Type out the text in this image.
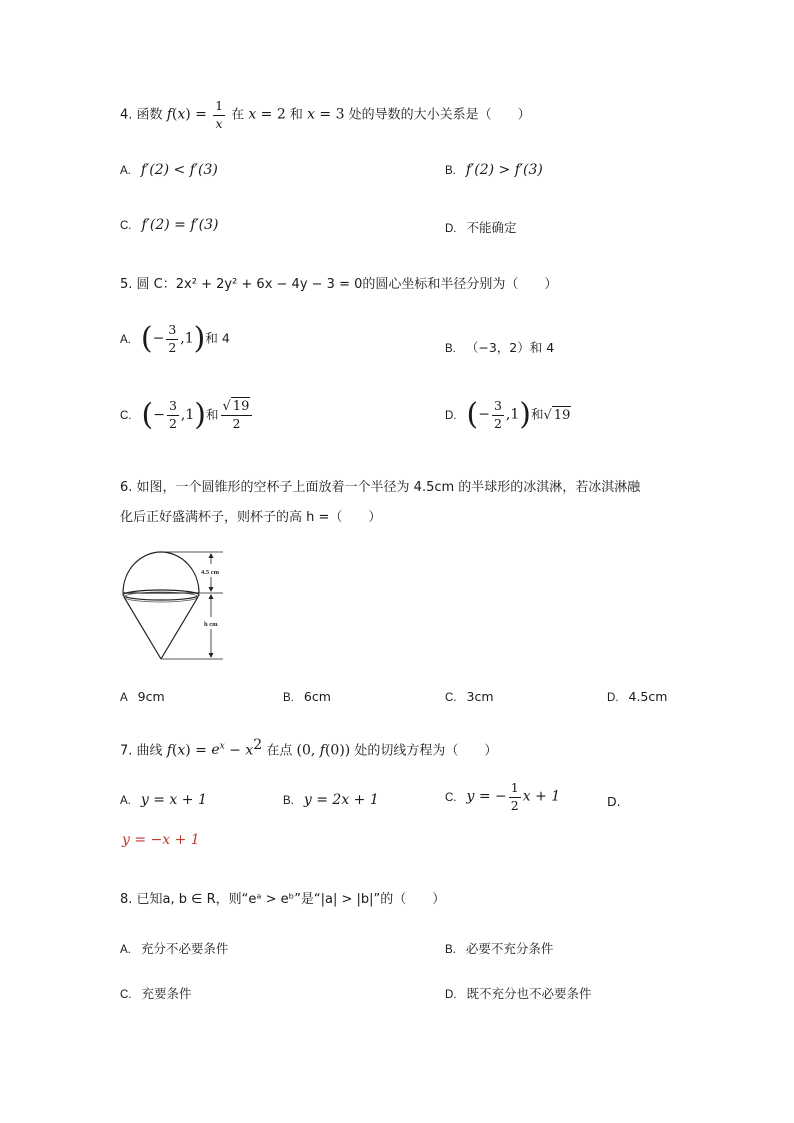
4. 函数 $f(x) = \frac{1}{x}$ 在 x = 2 和 x = 3 处的导数的大小关系是（　　）
A. f′(2) < f′(3)	B. f′(2) > f′(3)
C. f′(2) = f′(3)	D. 不能确定
5. 圆 C：2x² + 2y² + 6x − 4y − 3 = 0的圆心坐标和半径分别为（　　）
A. (− $\frac{3}{2} ,1$)和 4
B. （−3，2）和 4
C. (− $\frac{3}{2} ,1$)和 $\frac{√ 19}{2}$	D. (− $\frac{3}{2} ,1$)和√ 19
6. 如图，一个圆锥形的空杯子上面放着一个半径为 4.5cm 的半球形的冰淇淋，若冰淇淋融
化后正好盛满杯子，则杯子的高 h =（　　）
4.5 cm
h cm
A 9cm	B. 6cm	C. 3cm	D. 4.5cm
7. 曲线 $f(x) = e^x - x^2$ 在点 (0, f(0)) 处的切线方程为（　　）
A. y = x + 1	B. y = 2x + 1	C. y = − $\frac{1}{2}$ x + 1	D.
y = −x + 1
8. 已知a, b ∈ R，则“eᵃ > eᵇ”是“|a| > |b|”的（　　）
A. 充分不必要条件	B. 必要不充分条件
C. 充要条件	D. 既不充分也不必要条件
